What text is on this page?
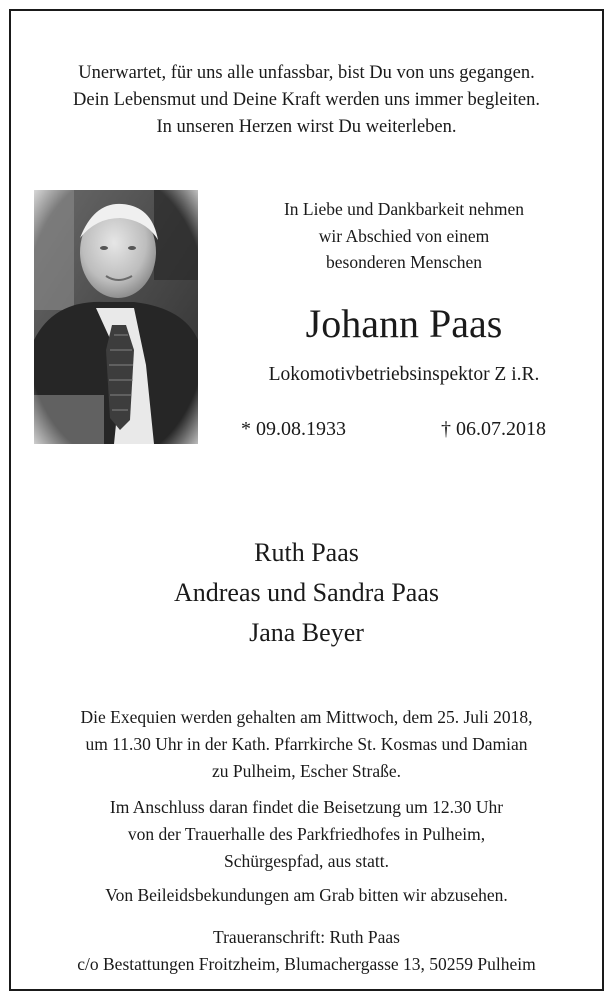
Unerwartet, für uns alle unfassbar, bist Du von uns gegangen.
Dein Lebensmut und Deine Kraft werden uns immer begleiten.
In unseren Herzen wirst Du weiterleben.
In Liebe und Dankbarkeit nehmen
wir Abschied von einem
besonderen Menschen
Johann Paas
Lokomotivbetriebsinspektor Z i.R.
* 09.08.1933	† 06.07.2018
Ruth Paas
Andreas und Sandra Paas
Jana Beyer
Die Exequien werden gehalten am Mittwoch, dem 25. Juli 2018,
um 11.30 Uhr in der Kath. Pfarrkirche St. Kosmas und Damian
zu Pulheim, Escher Straße.
Im Anschluss daran findet die Beisetzung um 12.30 Uhr
von der Trauerhalle des Parkfriedhofes in Pulheim,
Schürgespfad, aus statt.
Von Beileidsbekundungen am Grab bitten wir abzusehen.
Traueranschrift: Ruth Paas
c/o Bestattungen Froitzheim, Blumachergasse 13, 50259 Pulheim
